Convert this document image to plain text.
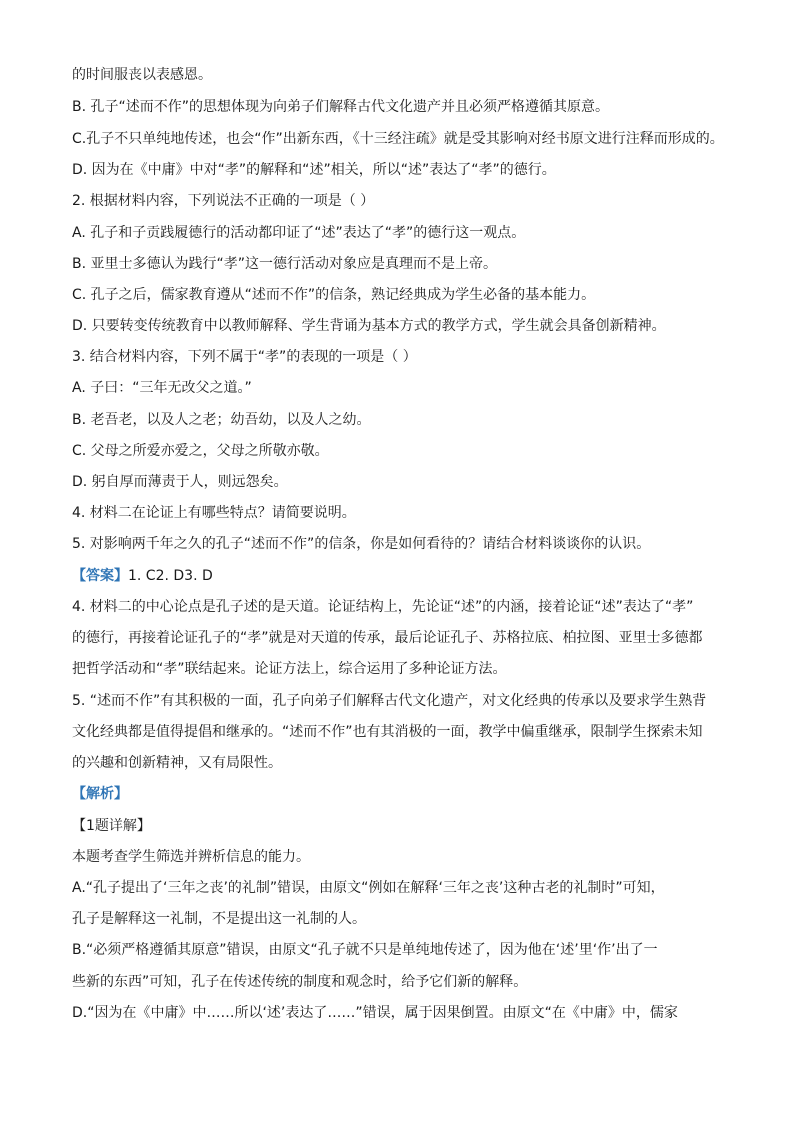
的时间服丧以表感恩。
B. 孔子“述而不作”的思想体现为向弟子们解释古代文化遗产并且必须严格遵循其原意。
C.孔子不只单纯地传述，也会“作”出新东西，《十三经注疏》就是受其影响对经书原文进行注释而形成的。
D. 因为在《中庸》中对“孝”的解释和“述”相关，所以“述”表达了“孝”的德行。
2. 根据材料内容，下列说法不正确的一项是（ ）
A. 孔子和子贡践履德行的活动都印证了“述”表达了“孝”的德行这一观点。
B. 亚里士多德认为践行“孝”这一德行活动对象应是真理而不是上帝。
C. 孔子之后，儒家教育遵从“述而不作”的信条，熟记经典成为学生必备的基本能力。
D. 只要转变传统教育中以教师解释、学生背诵为基本方式的教学方式，学生就会具备创新精神。
3. 结合材料内容，下列不属于“孝”的表现的一项是（ ）
A. 子曰：“三年无改父之道。”
B. 老吾老，以及人之老；幼吾幼，以及人之幼。
C. 父母之所爱亦爱之，父母之所敬亦敬。
D. 躬自厚而薄责于人，则远怨矣。
4. 材料二在论证上有哪些特点？请简要说明。
5. 对影响两千年之久的孔子“述而不作”的信条，你是如何看待的？请结合材料谈谈你的认识。
【答案】1. C2. D3. D
4. 材料二的中心论点是孔子述的是天道。论证结构上，先论证“述”的内涵，接着论证“述”表达了“孝”
的德行，再接着论证孔子的“孝”就是对天道的传承，最后论证孔子、苏格拉底、柏拉图、亚里士多德都
把哲学活动和“孝”联结起来。论证方法上，综合运用了多种论证方法。
5. “述而不作”有其积极的一面，孔子向弟子们解释古代文化遗产，对文化经典的传承以及要求学生熟背
文化经典都是值得提倡和继承的。“述而不作”也有其消极的一面，教学中偏重继承，限制学生探索未知
的兴趣和创新精神，又有局限性。
【解析】
【1题详解】
本题考查学生筛选并辨析信息的能力。
A.“孔子提出了‘三年之丧’的礼制”错误，由原文“例如在解释‘三年之丧’这种古老的礼制时”可知，
孔子是解释这一礼制，不是提出这一礼制的人。
B.“必须严格遵循其原意”错误，由原文“孔子就不只是单纯地传述了，因为他在‘述’里‘作’出了一
些新的东西”可知，孔子在传述传统的制度和观念时，给予它们新的解释。
D.“因为在《中庸》中……所以‘述’表达了……”错误，属于因果倒置。由原文“在《中庸》中，儒家
